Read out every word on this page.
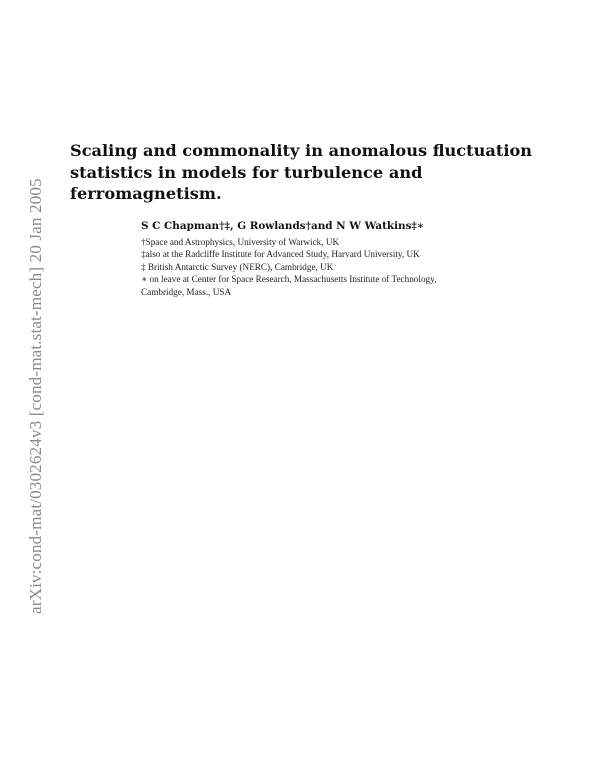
arXiv:cond-mat/0302624v3 [cond-mat.stat-mech] 20 Jan 2005
Scaling and commonality in anomalous fluctuation
statistics in models for turbulence and
ferromagnetism.

S C Chapman†‡, G Rowlands†and N W Watkins‡∗

†Space and Astrophysics, University of Warwick, UK
‡also at the Radcliffe Institute for Advanced Study, Harvard University, UK
‡ British Antarctic Survey (NERC), Cambridge, UK
∗ on leave at Center for Space Research, Massachusetts Institute of Technology,
Cambridge, Mass., USA
